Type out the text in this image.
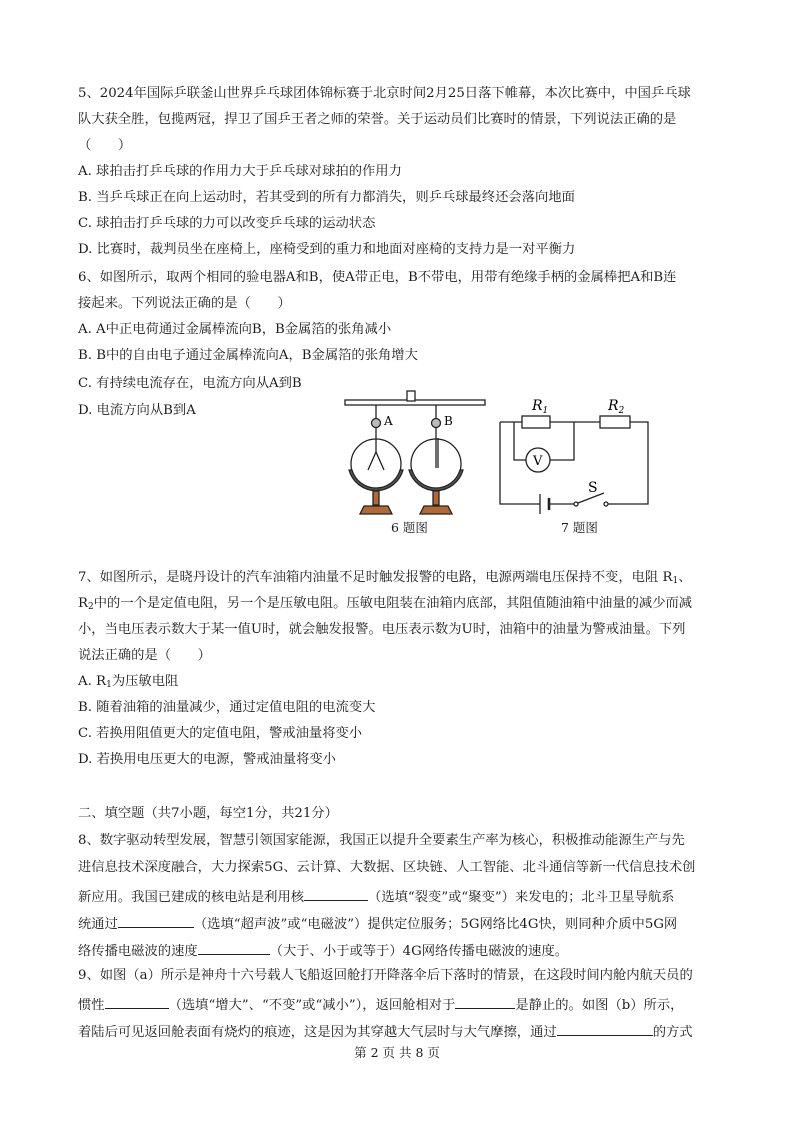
5、2024年国际乒联釜山世界乒乓球团体锦标赛于北京时间2月25日落下帷幕，本次比赛中，中国乒乓球
队大获全胜，包揽两冠，捍卫了国乒王者之师的荣誉。关于运动员们比赛时的情景，下列说法正确的是
（　　）
A. 球拍击打乒乓球的作用力大于乒乓球对球拍的作用力
B. 当乒乓球正在向上运动时，若其受到的所有力都消失，则乒乓球最终还会落向地面
C. 球拍击打乒乓球的力可以改变乒乓球的运动状态
D. 比赛时，裁判员坐在座椅上，座椅受到的重力和地面对座椅的支持力是一对平衡力
6、如图所示，取两个相同的验电器A和B，使A带正电，B不带电，用带有绝缘手柄的金属棒把A和B连
接起来。下列说法正确的是（　　）
A. A中正电荷通过金属棒流向B，B金属箔的张角减小
B. B中的自由电子通过金属棒流向A，B金属箔的张角增大
C. 有持续电流存在，电流方向从A到B
D. 电流方向从B到A
A	B
6 题图
$R_1$	$R_2$
V
S
7 题图
7、如图所示，是晓丹设计的汽车油箱内油量不足时触发报警的电路，电源两端电压保持不变，电阻 $R_1$、
$R_2$中的一个是定值电阻，另一个是压敏电阻。压敏电阻装在油箱内底部，其阻值随油箱中油量的减少而减
小，当电压表示数大于某一值U时，就会触发报警。电压表示数为U时，油箱中的油量为警戒油量。下列
说法正确的是（　　）
A. $R_1$为压敏电阻
B. 随着油箱的油量减少，通过定值电阻的电流变大
C. 若换用阻值更大的定值电阻，警戒油量将变小
D. 若换用电压更大的电源，警戒油量将变小
二、填空题（共7小题，每空1分，共21分）
8、数字驱动转型发展，智慧引领国家能源，我国正以提升全要素生产率为核心，积极推动能源生产与先
进信息技术深度融合，大力探索5G、云计算、大数据、区块链、人工智能、北斗通信等新一代信息技术创
新应用。我国已建成的核电站是利用核	（选填“裂变”或“聚变”）来发电的；北斗卫星导航系
统通过	（选填“超声波”或“电磁波”）提供定位服务；5G网络比4G快，则同种介质中5G网
络传播电磁波的速度	（大于、小于或等于）4G网络传播电磁波的速度。
9、如图（a）所示是神舟十六号载人飞船返回舱打开降落伞后下落时的情景，在这段时间内舱内航天员的
惯性	（选填“增大”、“不变”或“减小”），返回舱相对于	是静止的。如图（b）所示，
着陆后可见返回舱表面有烧灼的痕迹，这是因为其穿越大气层时与大气摩擦，通过	的方式
第 2 页 共 8 页
